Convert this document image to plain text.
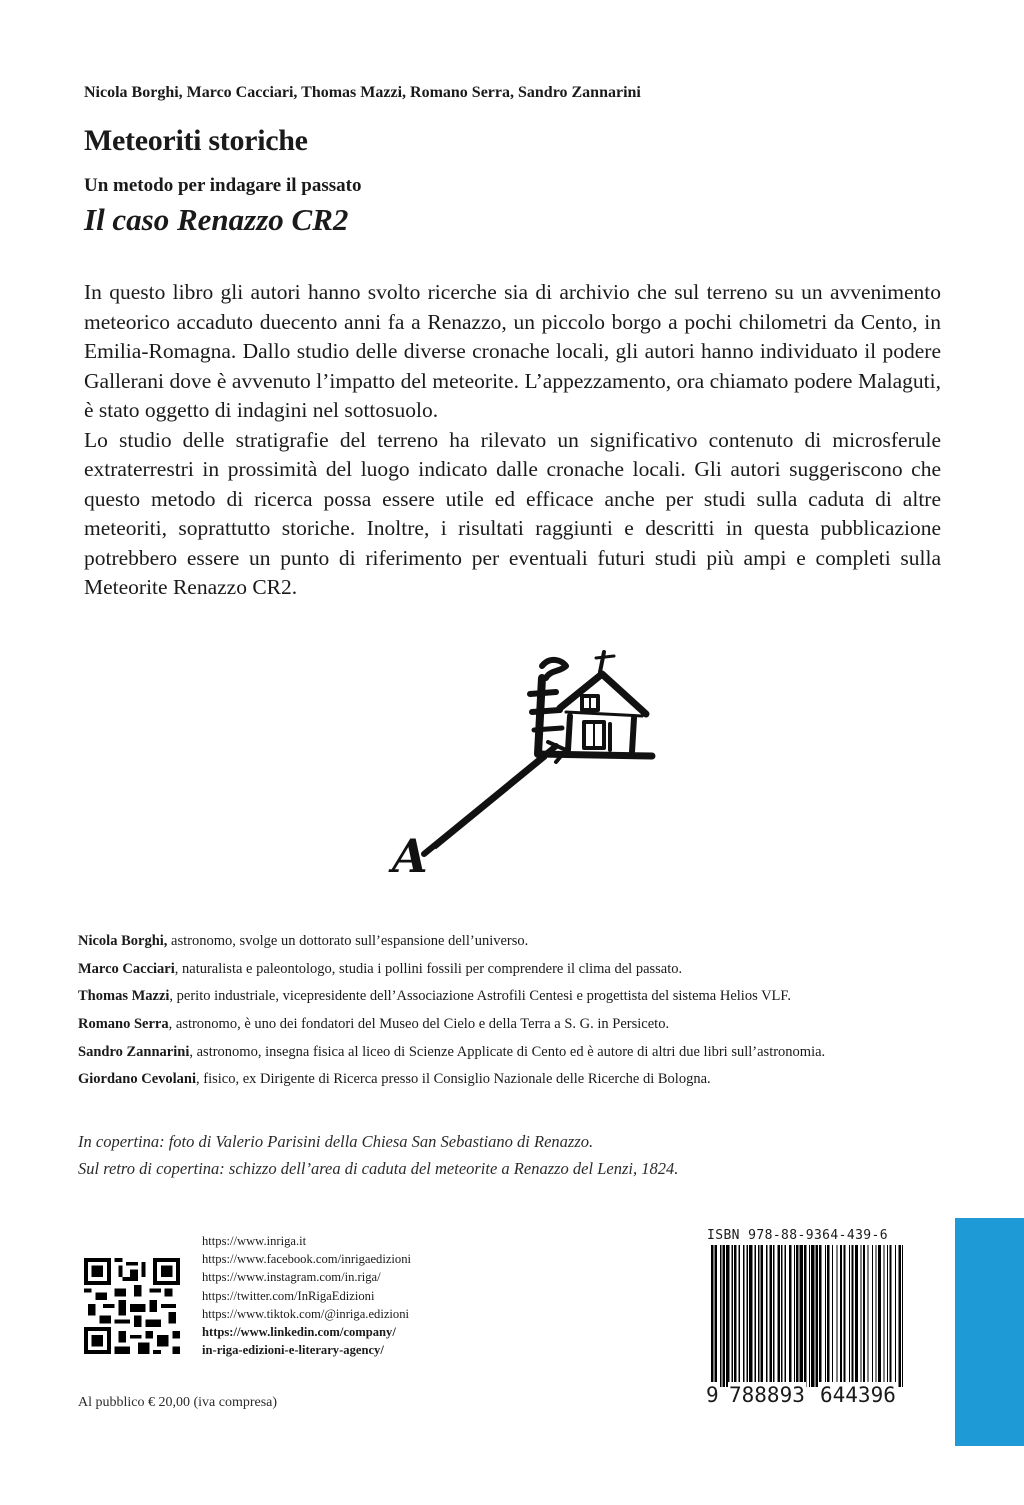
Nicola Borghi, Marco Cacciari, Thomas Mazzi, Romano Serra, Sandro Zannarini
Meteoriti storiche
Un metodo per indagare il passato
Il caso Renazzo CR2

In questo libro gli autori hanno svolto ricerche sia di archivio che sul terreno su un avvenimento meteorico accaduto duecento anni fa a Renazzo, un piccolo borgo a pochi chilometri da Cento, in Emilia-Romagna. Dallo studio delle diverse cronache locali, gli autori hanno individuato il podere Gallerani dove è avvenuto l’impatto del meteorite. L’appezzamento, ora chiamato podere Malaguti, è stato oggetto di indagini nel sottosuolo.

Lo studio delle stratigrafie del terreno ha rilevato un significativo contenuto di microsferule extraterrestri in prossimità del luogo indicato dalle cronache locali. Gli autori suggeriscono che questo metodo di ricerca possa essere utile ed efficace anche per studi sulla caduta di altre meteoriti, soprattutto storiche. Inoltre, i risultati raggiunti e descritti in questa pubblicazione potrebbero essere un punto di riferimento per eventuali futuri studi più ampi e completi sulla Meteorite Renazzo CR2.

A

Nicola Borghi, astronomo, svolge un dottorato sull’espansione dell’universo.

Marco Cacciari, naturalista e paleontologo, studia i pollini fossili per comprendere il clima del passato.

Thomas Mazzi, perito industriale, vicepresidente dell’Associazione Astrofili Centesi e progettista del sistema Helios VLF.

Romano Serra, astronomo, è uno dei fondatori del Museo del Cielo e della Terra a S. G. in Persiceto.

Sandro Zannarini, astronomo, insegna fisica al liceo di Scienze Applicate di Cento ed è autore di altri due libri sull’astronomia.

Giordano Cevolani, fisico, ex Dirigente di Ricerca presso il Consiglio Nazionale delle Ricerche di Bologna.

In copertina: foto di Valerio Parisini della Chiesa San Sebastiano di Renazzo.

Sul retro di copertina: schizzo dell’area di caduta del meteorite a Renazzo del Lenzi, 1824.

https://www.inriga.it
https://www.facebook.com/inrigaedizioni
https://www.instagram.com/in.riga/
https://twitter.com/InRigaEdizioni
https://www.tiktok.com/@inriga.edizioni
https://www.linkedin.com/company/
in-riga-edizioni-e-literary-agency/
Al pubblico € 20,00 (iva compresa)
ISBN 978-88-9364-439-6
9 788893 644396
